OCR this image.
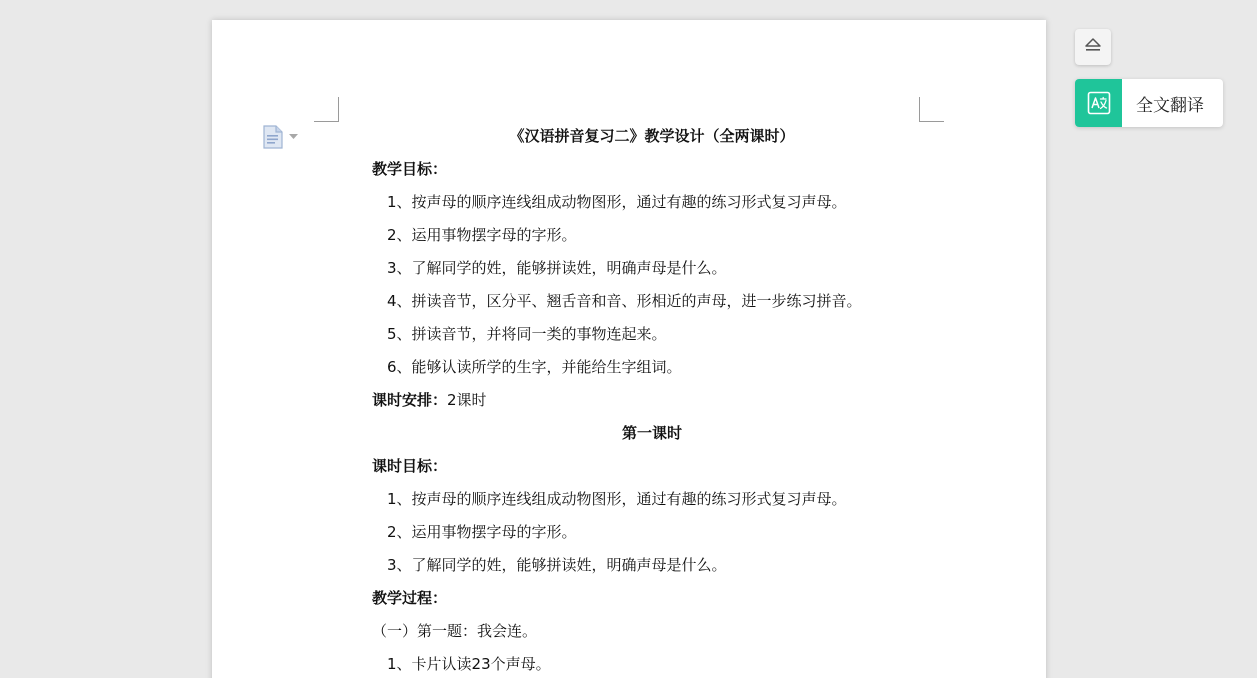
《汉语拼音复习二》教学设计（全两课时）
教学目标：
1、按声母的顺序连线组成动物图形，通过有趣的练习形式复习声母。
2、运用事物摆字母的字形。
3、了解同学的姓，能够拼读姓，明确声母是什么。
4、拼读音节，区分平、翘舌音和音、形相近的声母，进一步练习拼音。
5、拼读音节，并将同一类的事物连起来。
6、能够认读所学的生字，并能给生字组词。
课时安排：2课时
第一课时
课时目标：
1、按声母的顺序连线组成动物图形，通过有趣的练习形式复习声母。
2、运用事物摆字母的字形。
3、了解同学的姓，能够拼读姓，明确声母是什么。
教学过程：
（一）第一题：我会连。
1、卡片认读23个声母。
全文翻译
